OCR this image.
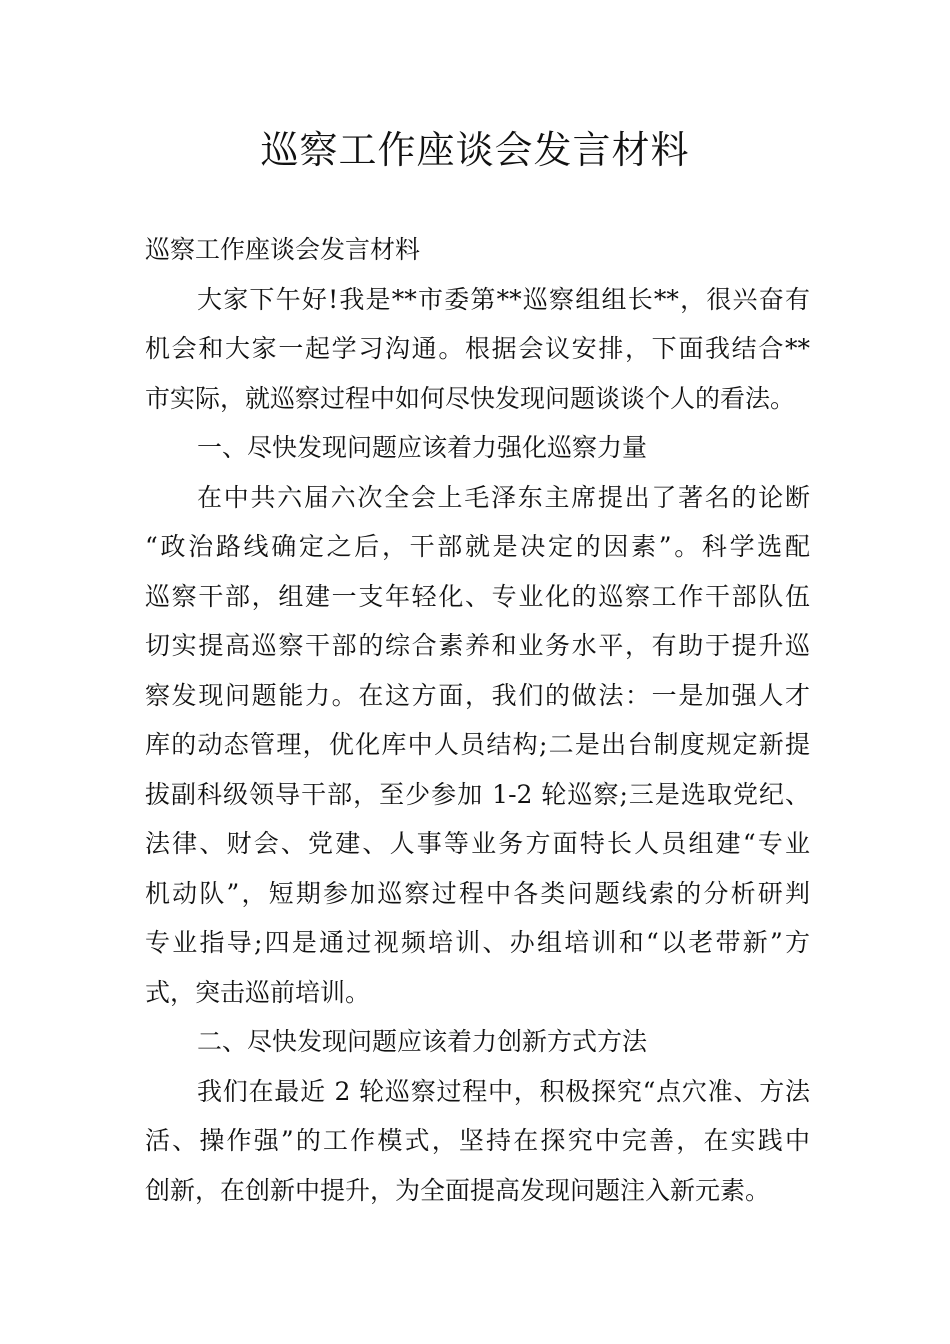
巡察工作座谈会发言材料
巡察工作座谈会发言材料
大家下午好!我是**市委第**巡察组组长**，很兴奋有
机会和大家一起学习沟通。根据会议安排，下面我结合**
市实际，就巡察过程中如何尽快发现问题谈谈个人的看法。
一、尽快发现问题应该着力强化巡察力量
在中共六届六次全会上毛泽东主席提出了著名的论断
“政治路线确定之后，干部就是决定的因素”。科学选配
巡察干部，组建一支年轻化、专业化的巡察工作干部队伍
切实提高巡察干部的综合素养和业务水平，有助于提升巡
察发现问题能力。在这方面，我们的做法：一是加强人才
库的动态管理，优化库中人员结构;二是出台制度规定新提
拔副科级领导干部，至少参加 1-2 轮巡察;三是选取党纪、
法律、财会、党建、人事等业务方面特长人员组建“专业
机动队”，短期参加巡察过程中各类问题线索的分析研判
专业指导;四是通过视频培训、办组培训和“以老带新”方
式，突击巡前培训。
二、尽快发现问题应该着力创新方式方法
我们在最近 2 轮巡察过程中，积极探究“点穴准、方法
活、操作强”的工作模式，坚持在探究中完善，在实践中
创新，在创新中提升，为全面提高发现问题注入新元素。
